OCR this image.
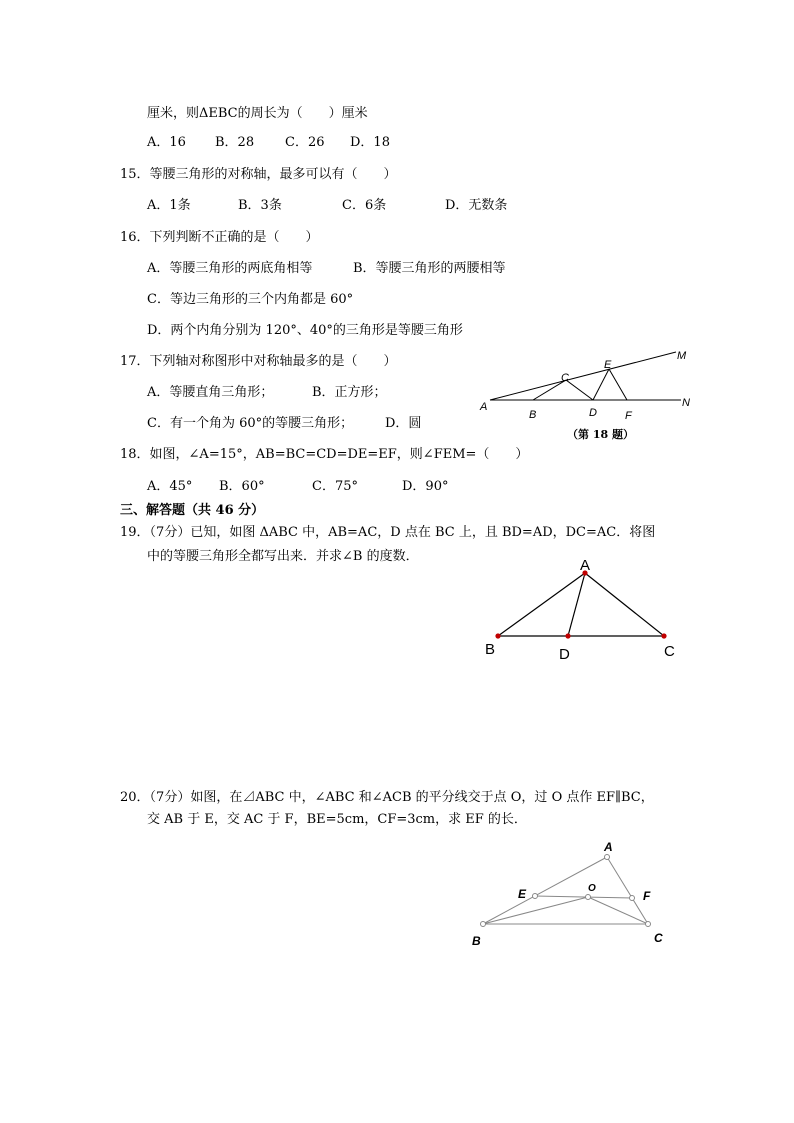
厘米，则ΔEBC的周长为（　　）厘米
A．16 B．28 C．26 D．18
15．等腰三角形的对称轴，最多可以有（　　）
A．1条	B．3条	C．6条	D．无数条
16．下列判断不正确的是（　　）
A．等腰三角形的两底角相等	B．等腰三角形的两腰相等
C．等边三角形的三个内角都是 60°
D．两个内角分别为 120°、40°的三角形是等腰三角形
17．下列轴对称图形中对称轴最多的是（　　）
A．等腰直角三角形；	B．正方形；
C．有一个角为 60°的等腰三角形； D．圆
18．如图，∠A=15°，AB=BC=CD=DE=EF，则∠FEM=（　　）
A．45° B．60°	C．75°	D．90°
A
B
C
D
E
F
M
N
（第 18 题）
三、解答题（共 46 分）
19．（7分）已知，如图 ΔABC 中，AB=AC，D 点在 BC 上，且 BD=AD，DC=AC．将图
中的等腰三角形全都写出来．并求∠B 的度数．
A
B	D	C
20．（7分）如图，在⊿ABC 中，∠ABC 和∠ACB 的平分线交于点 O，过 O 点作 EF∥BC，
交 AB 于 E，交 AC 于 F，BE=5cm，CF=3cm，求 EF 的长．
A
E	O
F
B	C
